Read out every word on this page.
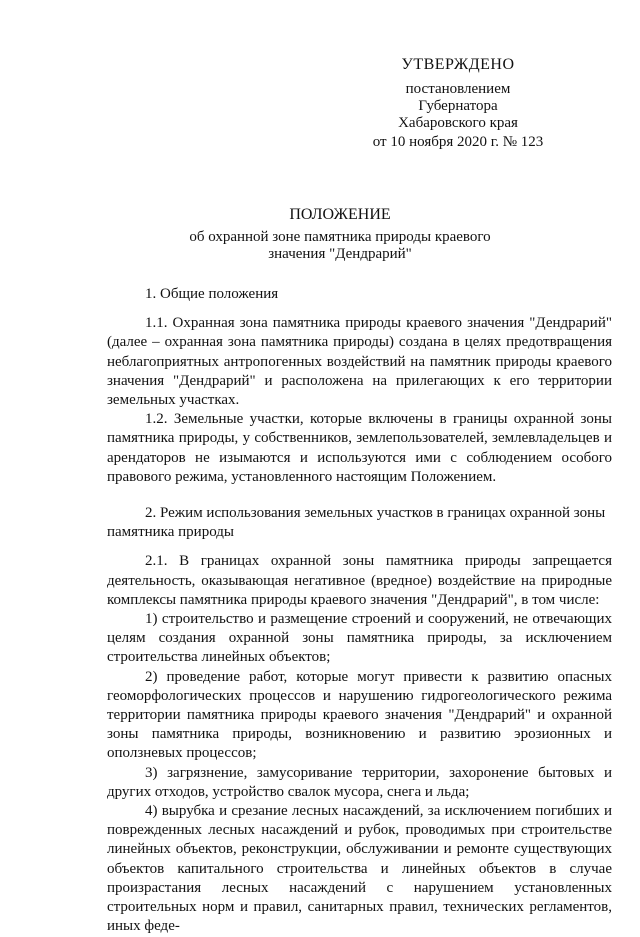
УТВЕРЖДЕНО
постановлением
Губернатора
Хабаровского края
от 10 ноября 2020 г. № 123
ПОЛОЖЕНИЕ
об охранной зоне памятника природы краевого значения "Дендрарий"

1. Общие положения

1.1. Охранная зона памятника природы краевого значения "Дендрарий" (далее – охранная зона памятника природы) создана в целях предотвращения неблагоприятных антропогенных воздействий на памятник природы краевого значения "Дендрарий" и расположена на прилегающих к его территории земельных участках.

1.2. Земельные участки, которые включены в границы охранной зоны памятника природы, у собственников, землепользователей, землевладельцев и арендаторов не изымаются и используются ими с соблюдением особого правового режима, установленного настоящим Положением.

2. Режим использования земельных участков в границах охранной зоны памятника природы

2.1. В границах охранной зоны памятника природы запрещается деятельность, оказывающая негативное (вредное) воздействие на природные комплексы памятника природы краевого значения "Дендрарий", в том числе:

1) строительство и размещение строений и сооружений, не отвечающих целям создания охранной зоны памятника природы, за исключением строительства линейных объектов;

2) проведение работ, которые могут привести к развитию опасных геоморфологических процессов и нарушению гидрогеологического режима территории памятника природы краевого значения "Дендрарий" и охранной зоны памятника природы, возникновению и развитию эрозионных и оползневых процессов;

3) загрязнение, замусоривание территории, захоронение бытовых и других отходов, устройство свалок мусора, снега и льда;

4) вырубка и срезание лесных насаждений, за исключением погибших и поврежденных лесных насаждений и рубок, проводимых при строительстве линейных объектов, реконструкции, обслуживании и ремонте существующих объектов капитального строительства и линейных объектов в случае произрастания лесных насаждений с нарушением установленных строительных норм и правил, санитарных правил, технических регламентов, иных феде-
